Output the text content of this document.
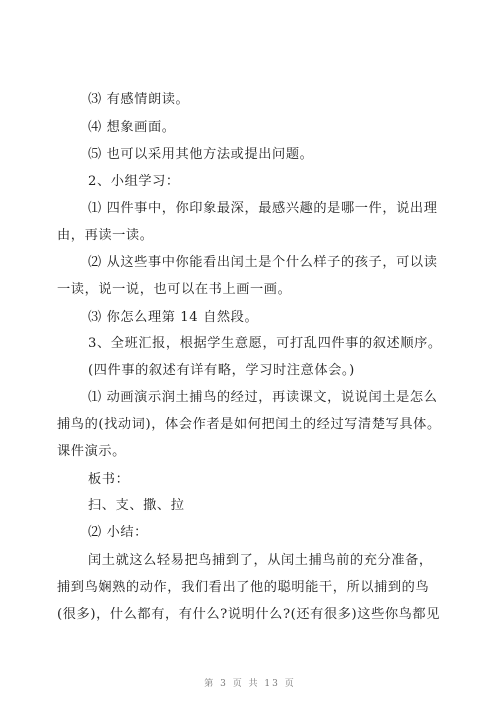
⑶ 有感情朗读。
⑷ 想象画面。
⑸ 也可以采用其他方法或提出问题。
2、小组学习：
⑴ 四件事中，你印象最深，最感兴趣的是哪一件，说出理
由，再读一读。
⑵ 从这些事中你能看出闰土是个什么样子的孩子，可以读
一读，说一说，也可以在书上画一画。
⑶ 你怎么理第 14 自然段。
3、全班汇报，根据学生意愿，可打乱四件事的叙述顺序。
(四件事的叙述有详有略，学习时注意体会。)
⑴ 动画演示润土捕鸟的经过，再读课文，说说闰土是怎么
捕鸟的(找动词)，体会作者是如何把闰土的经过写清楚写具体。
课件演示。
板书：
扫、支、撒、拉
⑵ 小结：
闰土就这么轻易把鸟捕到了，从闰土捕鸟前的充分准备，
捕到鸟娴熟的动作，我们看出了他的聪明能干，所以捕到的鸟
(很多)，什么都有，有什么?说明什么?(还有很多)这些你鸟都见
第 3 页 共 13 页
